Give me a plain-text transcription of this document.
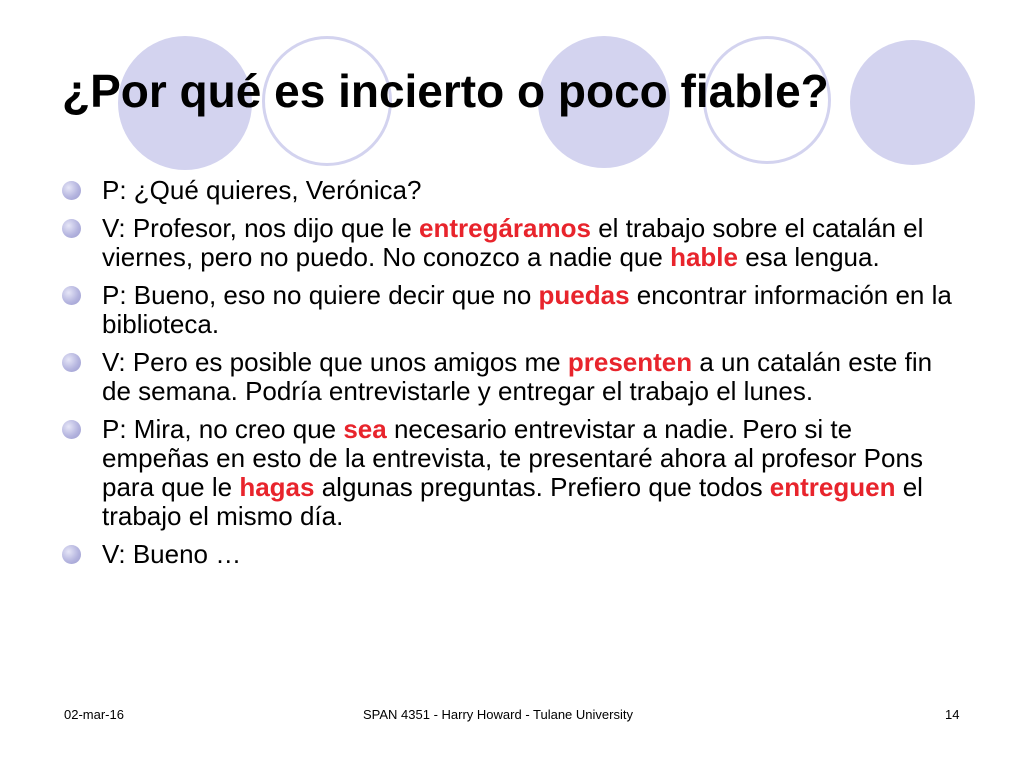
¿Por qué es incierto o poco fiable?
P: ¿Qué quieres, Verónica?
V: Profesor, nos dijo que le entregáramos el trabajo sobre el catalán el viernes, pero no puedo. No conozco a nadie que hable esa lengua.
P: Bueno, eso no quiere decir que no puedas encontrar información en la biblioteca.
V: Pero es posible que unos amigos me presenten a un catalán este fin de semana. Podría entrevistarle y entregar el trabajo el lunes.
P: Mira, no creo que sea necesario entrevistar a nadie. Pero si te empeñas en esto de la entrevista, te presentaré ahora al profesor Pons para que le hagas algunas preguntas. Prefiero que todos entreguen el trabajo el mismo día.
V: Bueno …
02-mar-16	SPAN 4351 - Harry Howard - Tulane University	14
